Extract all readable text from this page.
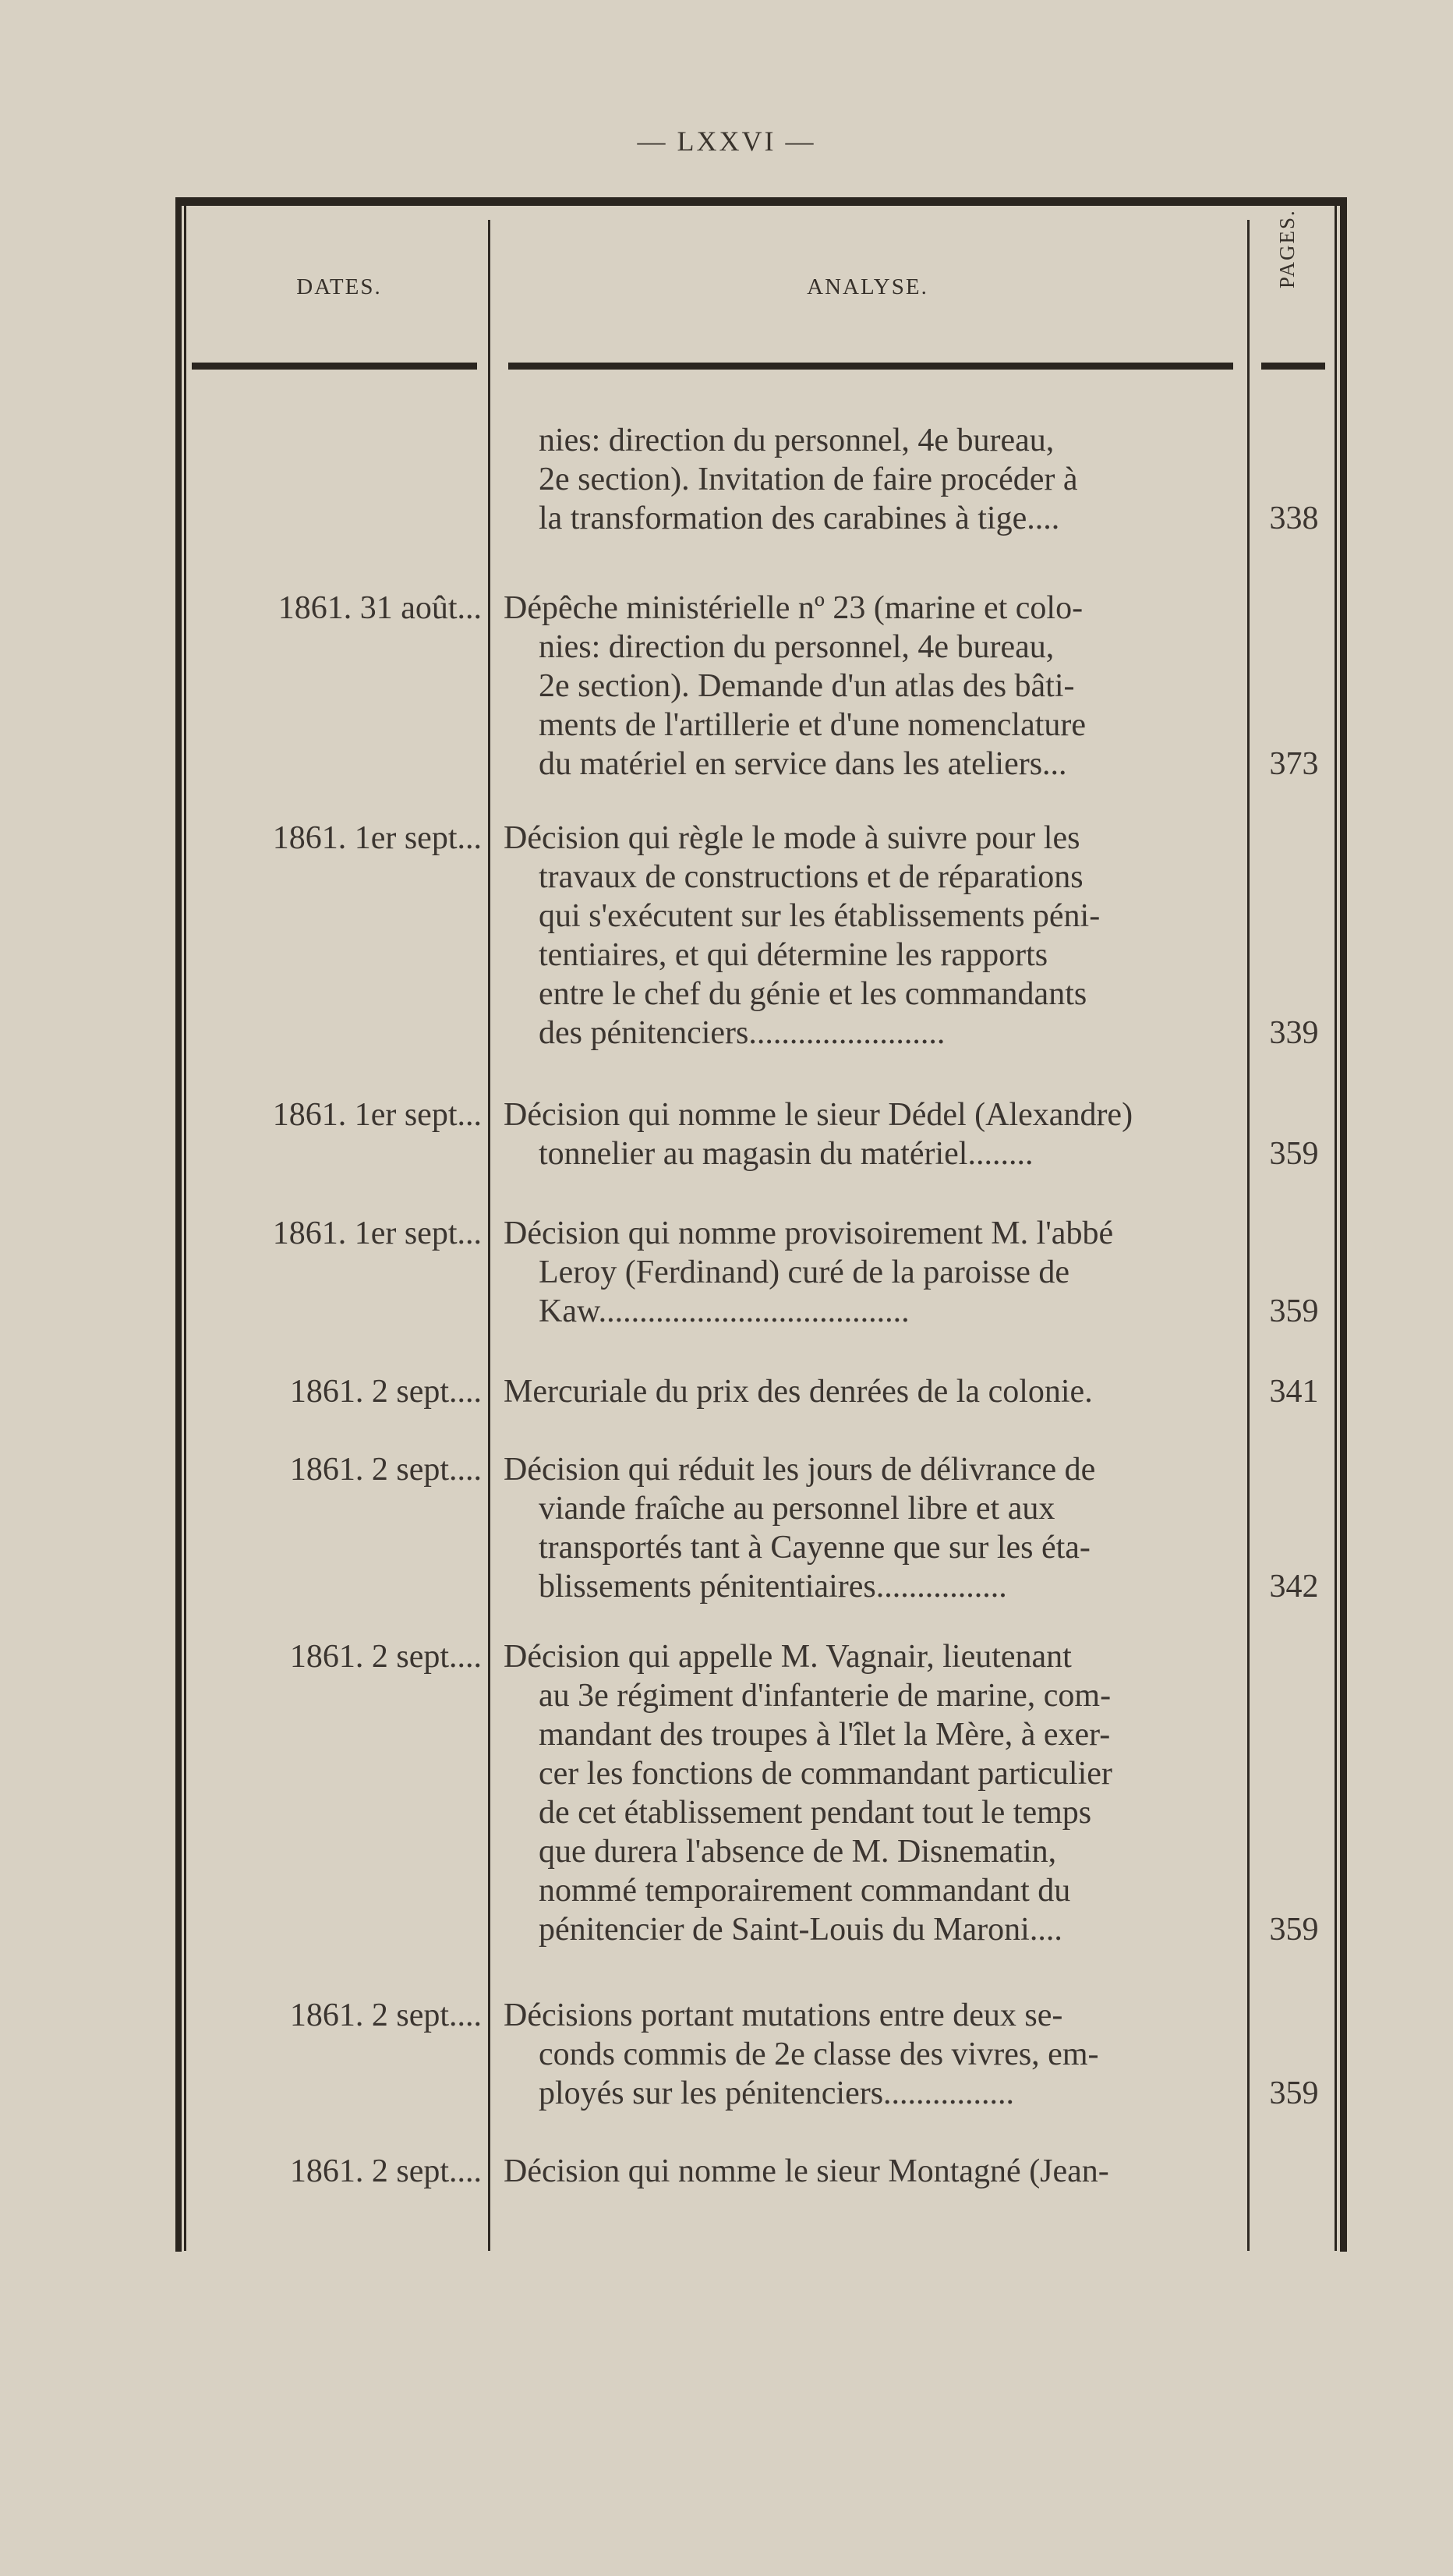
— LXXVI —
DATES.	ANALYSE.	PAGES.
nies: direction du personnel, 4e bureau,
2e section). Invitation de faire procéder à
la transformation des carabines à tige....	338
1861. 31 août... Dépêche ministérielle nº 23 (marine et colo-
nies: direction du personnel, 4e bureau,
2e section). Demande d'un atlas des bâti-
ments de l'artillerie et d'une nomenclature
du matériel en service dans les ateliers...	373
1861. 1er sept... Décision qui règle le mode à suivre pour les
travaux de constructions et de réparations
qui s'exécutent sur les établissements péni-
tentiaires, et qui détermine les rapports
entre le chef du génie et les commandants
des pénitenciers........................	339
1861. 1er sept... Décision qui nomme le sieur Dédel (Alexandre)
tonnelier au magasin du matériel........	359
1861. 1er sept... Décision qui nomme provisoirement M. l'abbé
Leroy (Ferdinand) curé de la paroisse de
Kaw......................................	359
1861. 2 sept.... Mercuriale du prix des denrées de la colonie.	341
1861. 2 sept.... Décision qui réduit les jours de délivrance de
viande fraîche au personnel libre et aux
transportés tant à Cayenne que sur les éta-
blissements pénitentiaires................	342
1861. 2 sept.... Décision qui appelle M. Vagnair, lieutenant
au 3e régiment d'infanterie de marine, com-
mandant des troupes à l'îlet la Mère, à exer-
cer les fonctions de commandant particulier
de cet établissement pendant tout le temps
que durera l'absence de M. Disnematin,
nommé temporairement commandant du
pénitencier de Saint-Louis du Maroni....	359
1861. 2 sept.... Décisions portant mutations entre deux se-
conds commis de 2e classe des vivres, em-
ployés sur les pénitenciers................	359
1861. 2 sept.... Décision qui nomme le sieur Montagné (Jean-
